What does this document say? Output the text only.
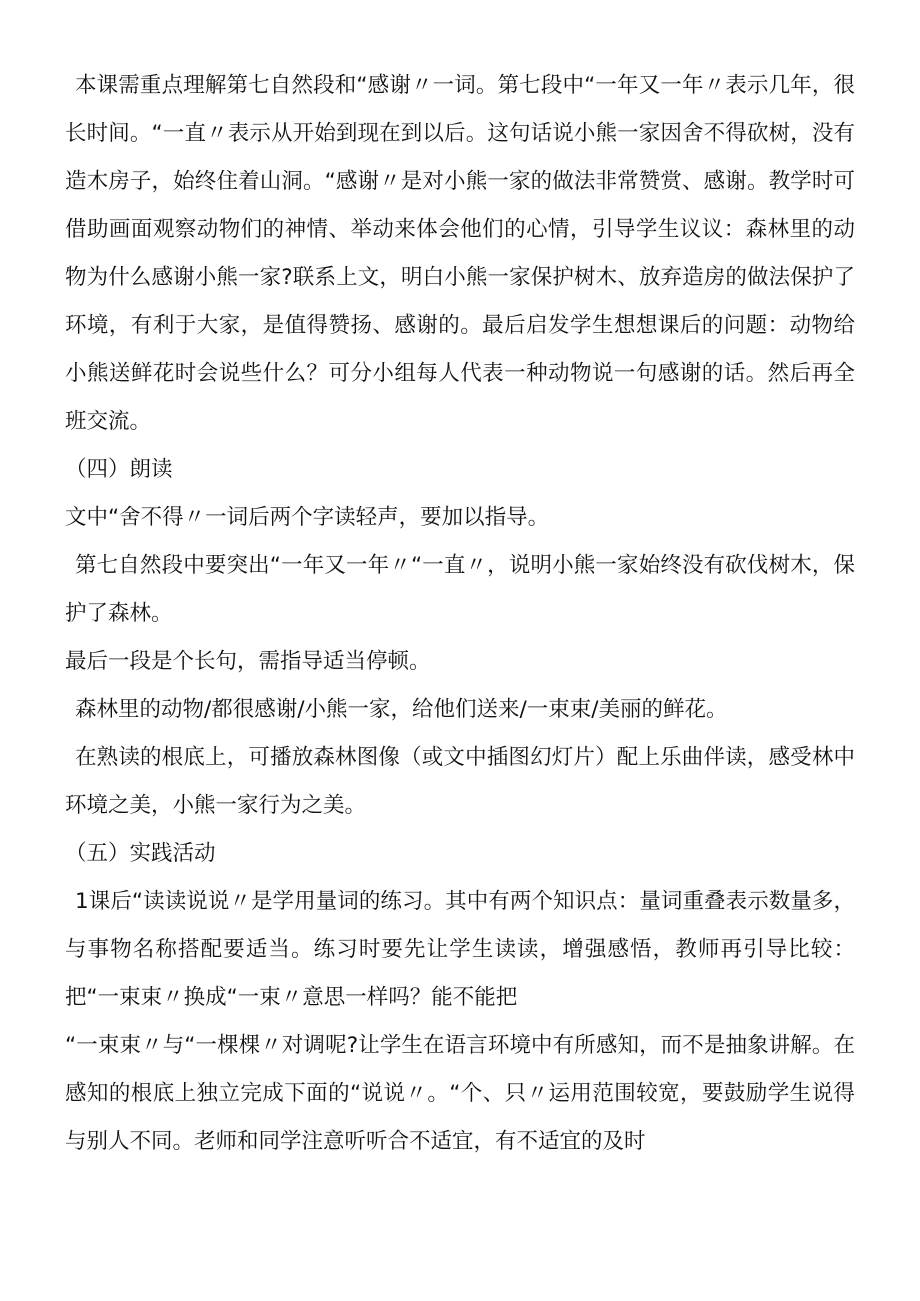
本课需重点理解第七自然段和“感谢〃一词。第七段中“一年又一年〃表示几年，很长时间。“一直〃表示从开始到现在到以后。这句话说小熊一家因舍不得砍树，没有造木房子，始终住着山洞。“感谢〃是对小熊一家的做法非常赞赏、感谢。教学时可借助画面观察动物们的神情、举动来体会他们的心情，引导学生议议：森林里的动物为什么感谢小熊一家?联系上文，明白小熊一家保护树木、放弃造房的做法保护了环境，有利于大家，是值得赞扬、感谢的。最后启发学生想想课后的问题：动物给小熊送鲜花时会说些什么？可分小组每人代表一种动物说一句感谢的话。然后再全班交流。

（四）朗读

文中“舍不得〃一词后两个字读轻声，要加以指导。

第七自然段中要突出“一年又一年〃“一直〃，说明小熊一家始终没有砍伐树木，保护了森林。

最后一段是个长句，需指导适当停顿。

森林里的动物/都很感谢/小熊一家，给他们送来/一束束/美丽的鲜花。

在熟读的根底上，可播放森林图像（或文中插图幻灯片）配上乐曲伴读，感受林中环境之美，小熊一家行为之美。

（五）实践活动

1课后“读读说说〃是学用量词的练习。其中有两个知识点：量词重叠表示数量多，与事物名称搭配要适当。练习时要先让学生读读，增强感悟，教师再引导比较：把“一束束〃换成“一束〃意思一样吗？能不能把

“一束束〃与“一棵棵〃对调呢?让学生在语言环境中有所感知，而不是抽象讲解。在感知的根底上独立完成下面的“说说〃。“个、只〃运用范围较宽，要鼓励学生说得与别人不同。老师和同学注意听听合不适宜，有不适宜的及时
